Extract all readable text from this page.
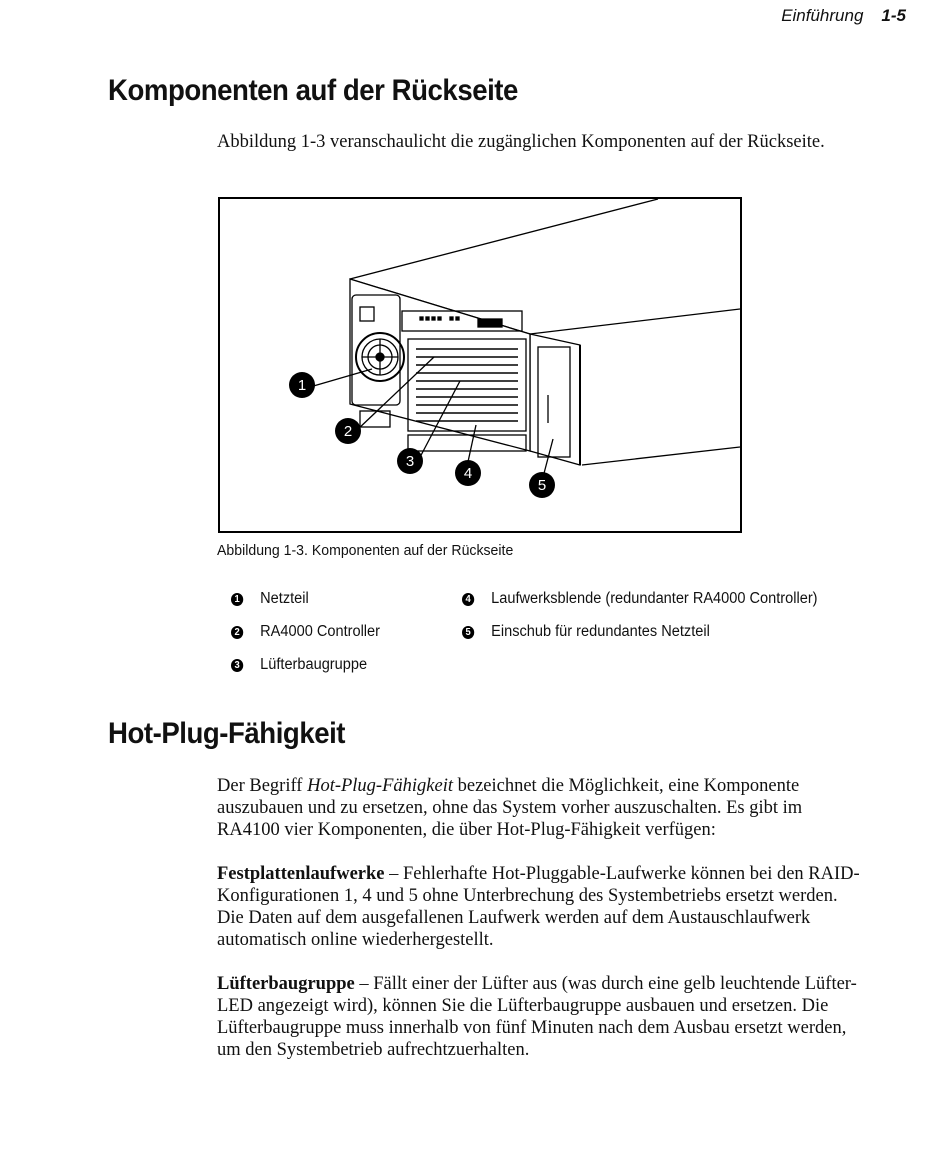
Einführung 1-5
Komponenten auf der Rückseite

Abbildung 1-3 veranschaulicht die zugänglichen Komponenten auf der Rückseite.

1
2
3
4
5
Abbildung 1-3. Komponenten auf der Rückseite
1 Netzteil
2 RA4000 Controller
3 Lüfterbaugruppe
4 Laufwerksblende (redundanter RA4000 Controller)
5 Einschub für redundantes Netzteil
Hot-Plug-Fähigkeit

Der Begriff Hot-Plug-Fähigkeit bezeichnet die Möglichkeit, eine Komponente auszubauen und zu ersetzen, ohne das System vorher auszuschalten. Es gibt im RA4100 vier Komponenten, die über Hot-Plug-Fähigkeit verfügen:

Festplattenlaufwerke – Fehlerhafte Hot-Pluggable-Laufwerke können bei den RAID-Konfigurationen 1, 4 und 5 ohne Unterbrechung des Systembetriebs ersetzt werden. Die Daten auf dem ausgefallenen Laufwerk werden auf dem Austauschlaufwerk automatisch online wiederhergestellt.

Lüfterbaugruppe – Fällt einer der Lüfter aus (was durch eine gelb leuchtende Lüfter-LED angezeigt wird), können Sie die Lüfterbaugruppe ausbauen und ersetzen. Die Lüfterbaugruppe muss innerhalb von fünf Minuten nach dem Ausbau ersetzt werden, um den Systembetrieb aufrechtzuerhalten.
